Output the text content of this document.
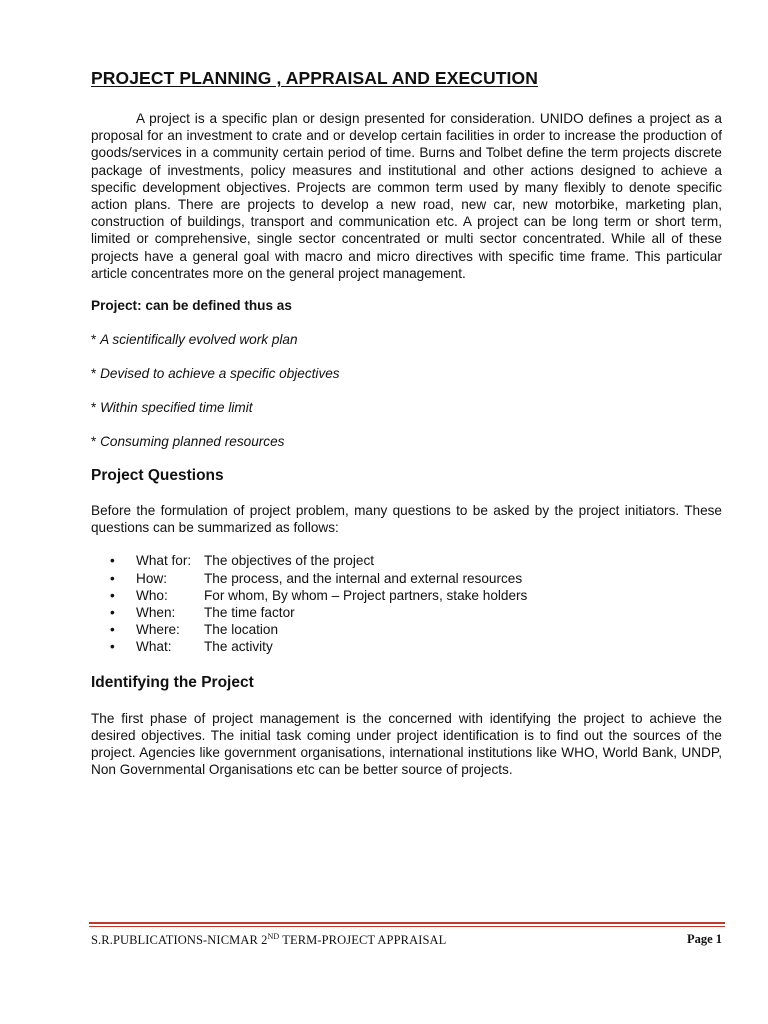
PROJECT PLANNING , APPRAISAL AND EXECUTION

A project is a specific plan or design presented for consideration. UNIDO defines a project as a proposal for an investment to crate and or develop certain facilities in order to increase the production of goods/services in a community certain period of time. Burns and Tolbet define the term projects discrete package of investments, policy measures and institutional and other actions designed to achieve a specific development objectives. Projects are common term used by many flexibly to denote specific action plans. There are projects to develop a new road, new car, new motorbike, marketing plan, construction of buildings, transport and communication etc. A project can be long term or short term, limited or comprehensive, single sector concentrated or multi sector concentrated. While all of these projects have a general goal with macro and micro directives with specific time frame. This particular article concentrates more on the general project management.

Project: can be defined thus as

* A scientifically evolved work plan

* Devised to achieve a specific objectives

* Within specified time limit

* Consuming planned resources

Project Questions

Before the formulation of project problem, many questions to be asked by the project initiators. These questions can be summarized as follows:

• What for: The objectives of the project
• How:	The process, and the internal and external resources
• Who:	For whom, By whom – Project partners, stake holders
• When: The time factor
• Where: The location
• What: The activity
Identifying the Project

The first phase of project management is the concerned with identifying the project to achieve the desired objectives. The initial task coming under project identification is to find out the sources of the project. Agencies like government organisations, international institutions like WHO, World Bank, UNDP, Non Governmental Organisations etc can be better source of projects.

S.R.PUBLICATIONS-NICMAR 2ND TERM-PROJECT APPRAISAL	Page 1
